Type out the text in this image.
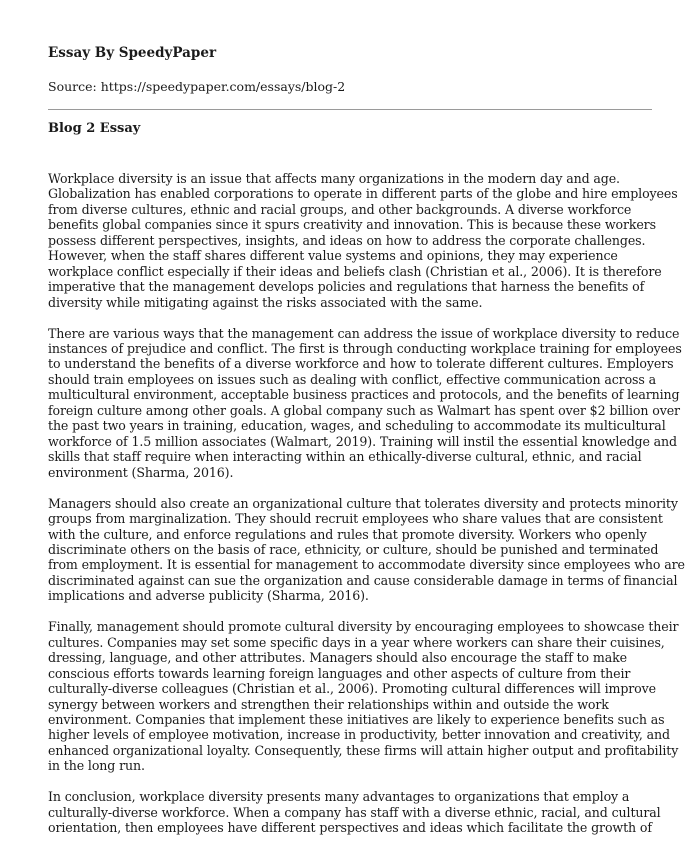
Essay By SpeedyPaper

Source: https://speedypaper.com/essays/blog-2

Blog 2 Essay

Workplace diversity is an issue that affects many organizations in the modern day and age.
Globalization has enabled corporations to operate in different parts of the globe and hire employees
from diverse cultures, ethnic and racial groups, and other backgrounds. A diverse workforce
benefits global companies since it spurs creativity and innovation. This is because these workers
possess different perspectives, insights, and ideas on how to address the corporate challenges.
However, when the staff shares different value systems and opinions, they may experience
workplace conflict especially if their ideas and beliefs clash (Christian et al., 2006). It is therefore
imperative that the management develops policies and regulations that harness the benefits of
diversity while mitigating against the risks associated with the same.

There are various ways that the management can address the issue of workplace diversity to reduce
instances of prejudice and conflict. The first is through conducting workplace training for employees
to understand the benefits of a diverse workforce and how to tolerate different cultures. Employers
should train employees on issues such as dealing with conflict, effective communication across a
multicultural environment, acceptable business practices and protocols, and the benefits of learning
foreign culture among other goals. A global company such as Walmart has spent over $2 billion over
the past two years in training, education, wages, and scheduling to accommodate its multicultural
workforce of 1.5 million associates (Walmart, 2019). Training will instil the essential knowledge and
skills that staff require when interacting within an ethically-diverse cultural, ethnic, and racial
environment (Sharma, 2016).

Managers should also create an organizational culture that tolerates diversity and protects minority
groups from marginalization. They should recruit employees who share values that are consistent
with the culture, and enforce regulations and rules that promote diversity. Workers who openly
discriminate others on the basis of race, ethnicity, or culture, should be punished and terminated
from employment. It is essential for management to accommodate diversity since employees who are
discriminated against can sue the organization and cause considerable damage in terms of financial
implications and adverse publicity (Sharma, 2016).

Finally, management should promote cultural diversity by encouraging employees to showcase their
cultures. Companies may set some specific days in a year where workers can share their cuisines,
dressing, language, and other attributes. Managers should also encourage the staff to make
conscious efforts towards learning foreign languages and other aspects of culture from their
culturally-diverse colleagues (Christian et al., 2006). Promoting cultural differences will improve
synergy between workers and strengthen their relationships within and outside the work
environment. Companies that implement these initiatives are likely to experience benefits such as
higher levels of employee motivation, increase in productivity, better innovation and creativity, and
enhanced organizational loyalty. Consequently, these firms will attain higher output and profitability
in the long run.

In conclusion, workplace diversity presents many advantages to organizations that employ a
culturally-diverse workforce. When a company has staff with a diverse ethnic, racial, and cultural
orientation, then employees have different perspectives and ideas which facilitate the growth of
